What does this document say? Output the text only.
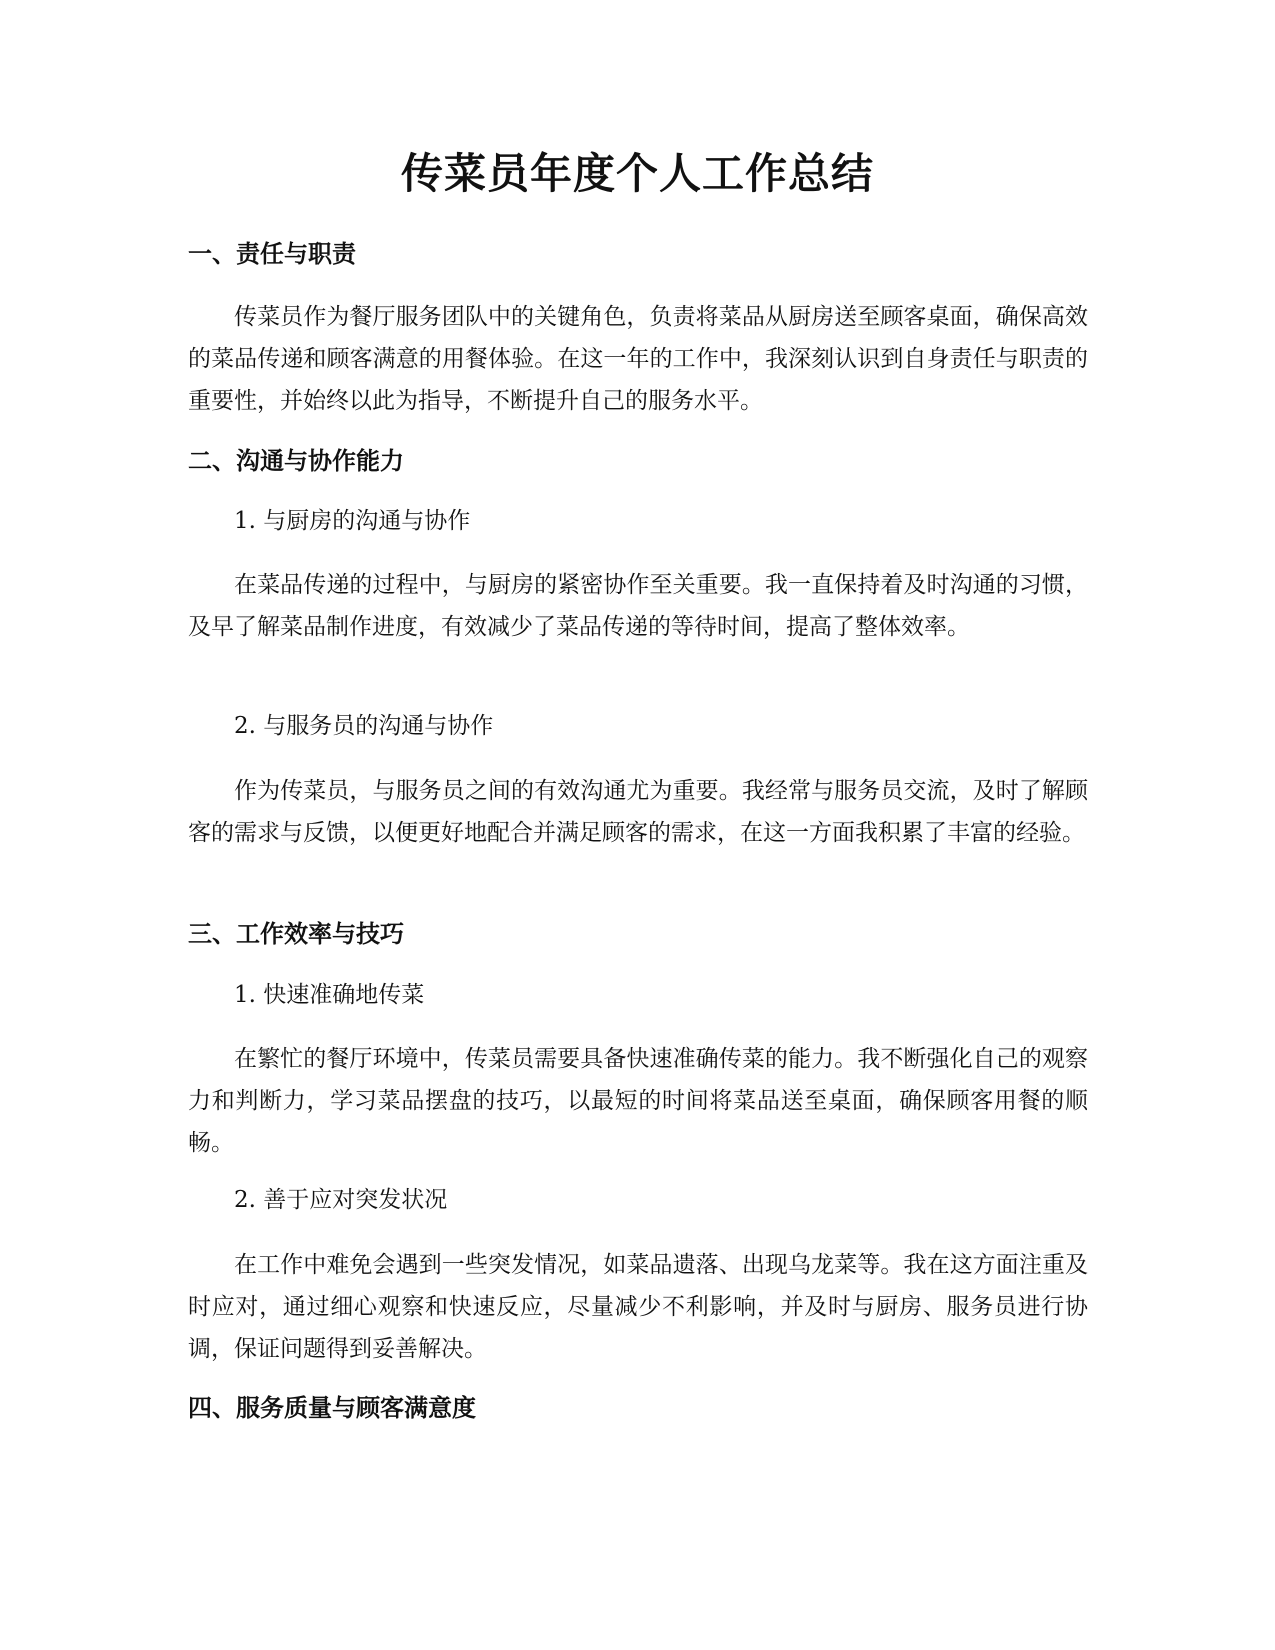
传菜员年度个人工作总结
一、责任与职责

传菜员作为餐厅服务团队中的关键角色，负责将菜品从厨房送至顾客桌面，确保高效的菜品传递和顾客满意的用餐体验。在这一年的工作中，我深刻认识到自身责任与职责的重要性，并始终以此为指导，不断提升自己的服务水平。

二、沟通与协作能力

1. 与厨房的沟通与协作

在菜品传递的过程中，与厨房的紧密协作至关重要。我一直保持着及时沟通的习惯，及早了解菜品制作进度，有效减少了菜品传递的等待时间，提高了整体效率。

2. 与服务员的沟通与协作

作为传菜员，与服务员之间的有效沟通尤为重要。我经常与服务员交流，及时了解顾客的需求与反馈，以便更好地配合并满足顾客的需求，在这一方面我积累了丰富的经验。

三、工作效率与技巧

1. 快速准确地传菜

在繁忙的餐厅环境中，传菜员需要具备快速准确传菜的能力。我不断强化自己的观察力和判断力，学习菜品摆盘的技巧，以最短的时间将菜品送至桌面，确保顾客用餐的顺畅。

2. 善于应对突发状况

在工作中难免会遇到一些突发情况，如菜品遗落、出现乌龙菜等。我在这方面注重及时应对，通过细心观察和快速反应，尽量减少不利影响，并及时与厨房、服务员进行协调，保证问题得到妥善解决。

四、服务质量与顾客满意度
